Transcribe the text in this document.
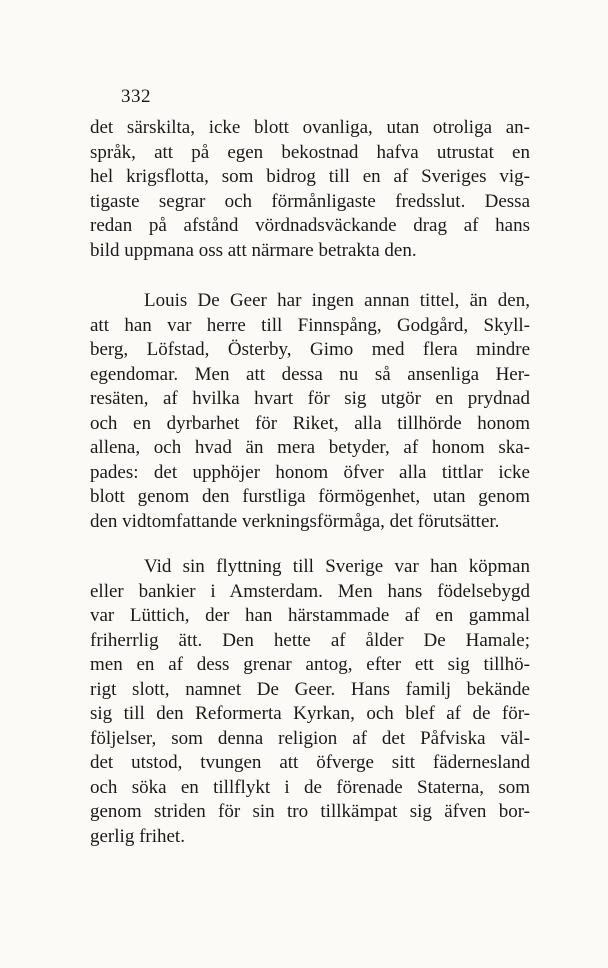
332

det särskilta, icke blott ovanliga, utan otroliga an-
språk, att på egen bekostnad hafva utrustat en
hel krigsflotta, som bidrog till en af Sveriges vig-
tigaste segrar och förmånligaste fredsslut. Dessa
redan på afstånd vördnadsväckande drag af hans
bild uppmana oss att närmare betrakta den.

Louis De Geer har ingen annan tittel, än den,
att han var herre till Finnspång, Godgård, Skyll-
berg, Löfstad, Österby, Gimo med flera mindre
egendomar. Men att dessa nu så ansenliga Her-
resäten, af hvilka hvart för sig utgör en prydnad
och en dyrbarhet för Riket, alla tillhörde honom
allena, och hvad än mera betyder, af honom ska-
pades: det upphöjer honom öfver alla tittlar icke
blott genom den furstliga förmögenhet, utan genom
den vidtomfattande verkningsförmåga, det förutsätter.

Vid sin flyttning till Sverige var han köpman
eller bankier i Amsterdam. Men hans födelsebygd
var Lüttich, der han härstammade af en gammal
friherrlig ätt. Den hette af ålder De Hamale;
men en af dess grenar antog, efter ett sig tillhö-
rigt slott, namnet De Geer. Hans familj bekände
sig till den Reformerta Kyrkan, och blef af de för-
följelser, som denna religion af det Påfviska väl-
det utstod, tvungen att öfverge sitt fädernesland
och söka en tillflykt i de förenade Staterna, som
genom striden för sin tro tillkämpat sig äfven bor-
gerlig frihet.
